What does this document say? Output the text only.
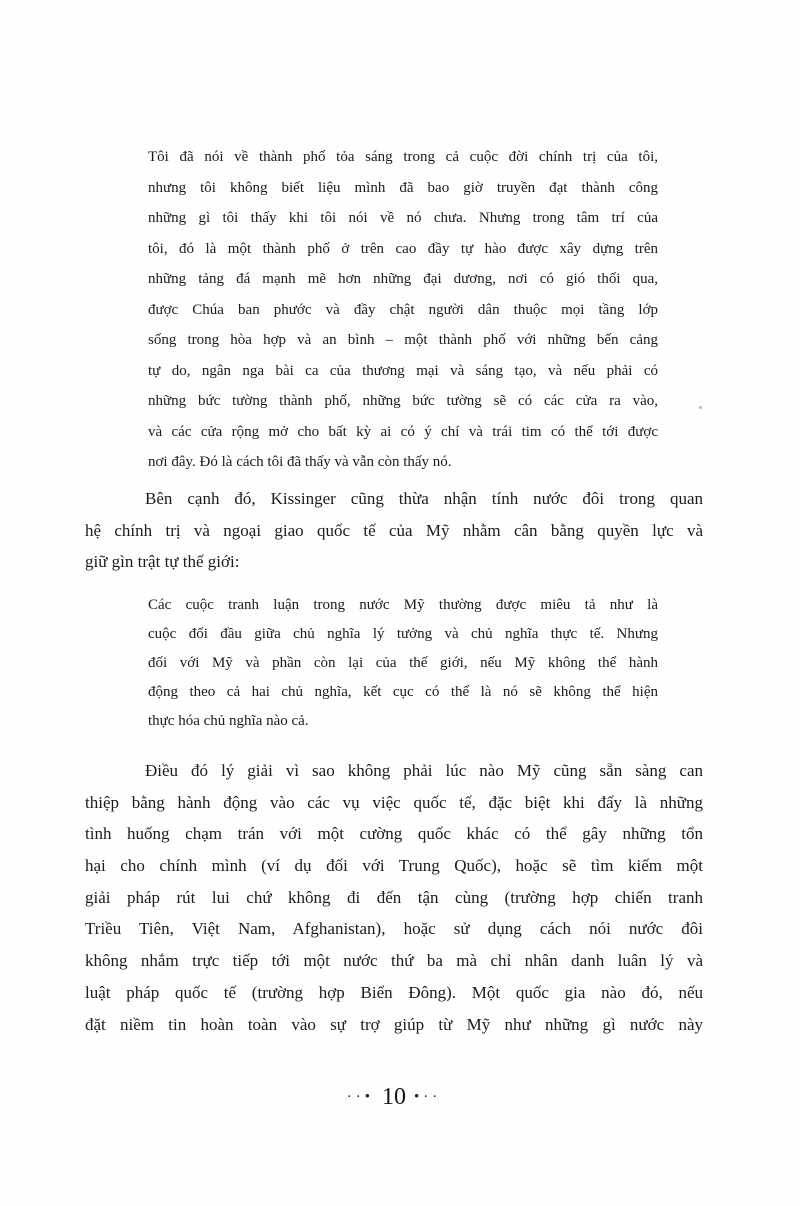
Tôi đã nói về thành phố tỏa sáng trong cả cuộc đời chính trị của tôi,
nhưng tôi không biết liệu mình đã bao giờ truyền đạt thành công
những gì tôi thấy khi tôi nói về nó chưa. Nhưng trong tâm trí của
tôi, đó là một thành phố ở trên cao đầy tự hào được xây dựng trên
những tảng đá mạnh mẽ hơn những đại dương, nơi có gió thổi qua,
được Chúa ban phước và đầy chật người dân thuộc mọi tầng lớp
sống trong hòa hợp và an bình – một thành phố với những bến cảng
tự do, ngân nga bài ca của thương mại và sáng tạo, và nếu phải có
những bức tường thành phố, những bức tường sẽ có các cửa ra vào,
và các cửa rộng mở cho bất kỳ ai có ý chí và trái tim có thể tới được
nơi đây. Đó là cách tôi đã thấy và vẫn còn thấy nó.
Bên cạnh đó, Kissinger cũng thừa nhận tính nước đôi trong quan
hệ chính trị và ngoại giao quốc tế của Mỹ nhằm cân bằng quyền lực và
giữ gìn trật tự thế giới:
Các cuộc tranh luận trong nước Mỹ thường được miêu tả như là
cuộc đối đầu giữa chủ nghĩa lý tưởng và chủ nghĩa thực tế. Nhưng
đối với Mỹ và phần còn lại của thế giới, nếu Mỹ không thể hành
động theo cả hai chủ nghĩa, kết cục có thể là nó sẽ không thể hiện
thực hóa chủ nghĩa nào cả.
Điều đó lý giải vì sao không phải lúc nào Mỹ cũng sẵn sàng can
thiệp bằng hành động vào các vụ việc quốc tế, đặc biệt khi đấy là những
tình huống chạm trán với một cường quốc khác có thể gây những tổn
hại cho chính mình (ví dụ đối với Trung Quốc), hoặc sẽ tìm kiếm một
giải pháp rút lui chứ không đi đến tận cùng (trường hợp chiến tranh
Triều Tiên, Việt Nam, Afghanistan), hoặc sử dụng cách nói nước đôi
không nhắm trực tiếp tới một nước thứ ba mà chỉ nhân danh luân lý và
luật pháp quốc tế (trường hợp Biển Đông). Một quốc gia nào đó, nếu
đặt niềm tin hoàn toàn vào sự trợ giúp từ Mỹ như những gì nước này
··• 10 •··
